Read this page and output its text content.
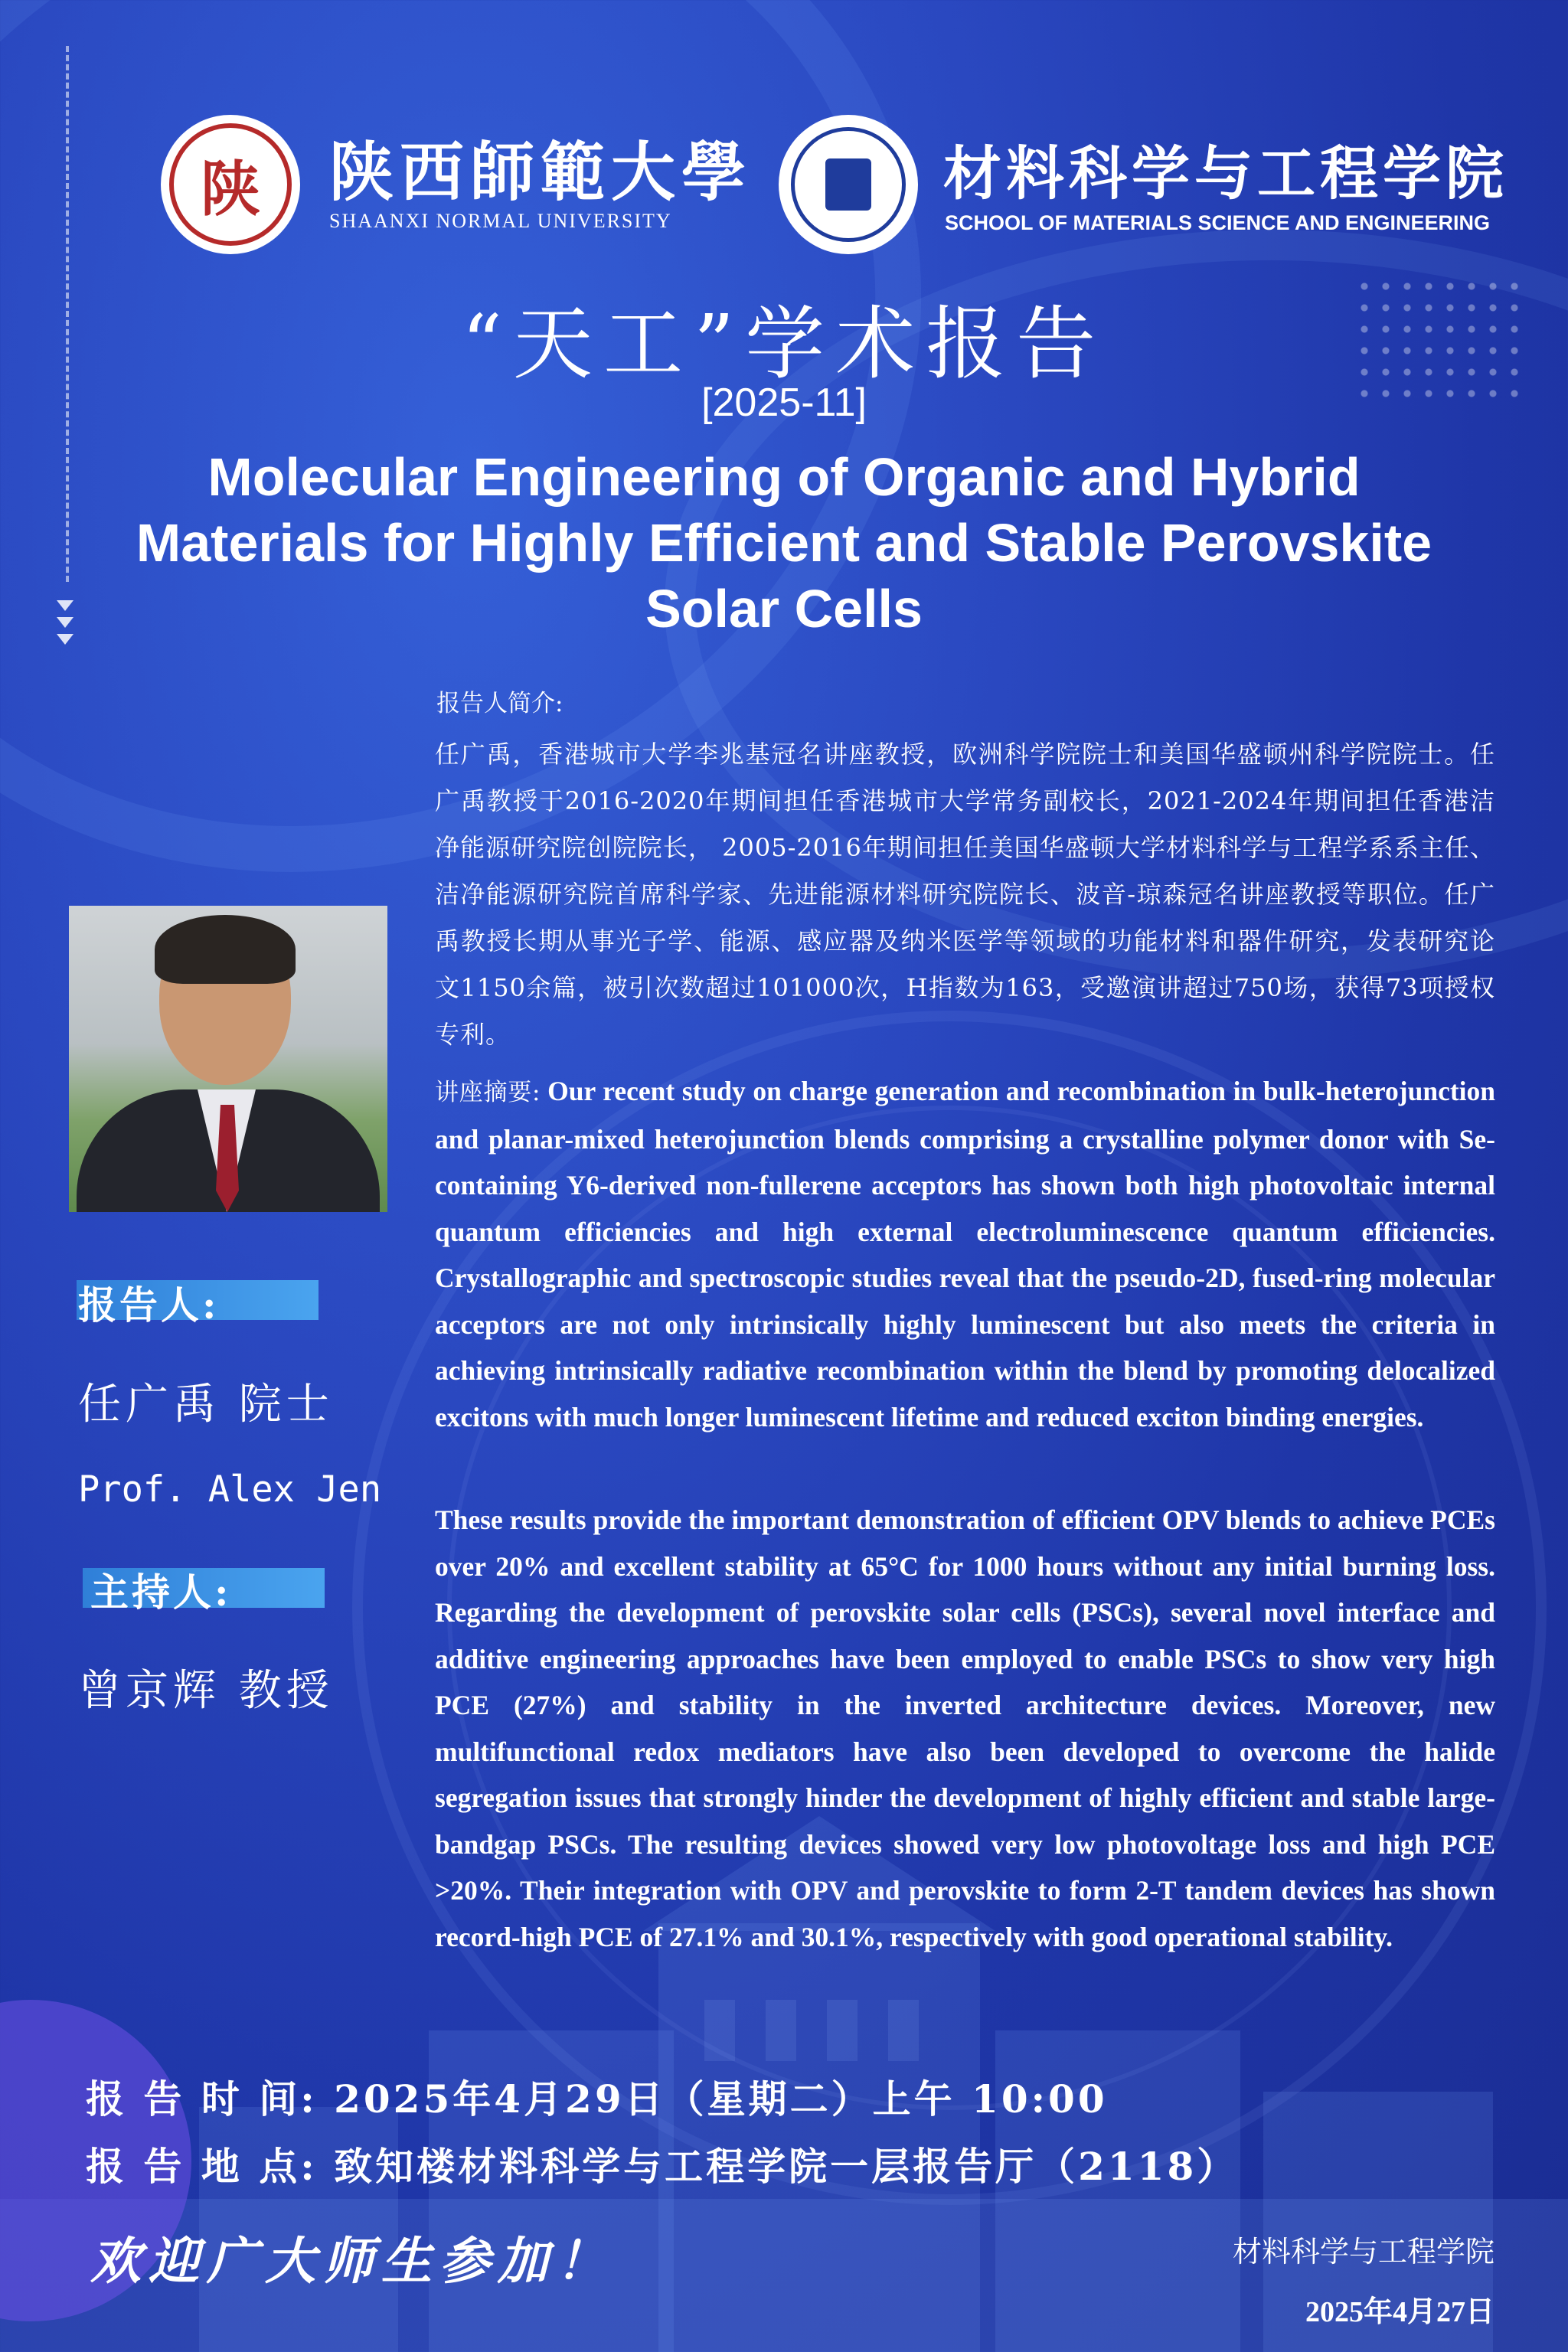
陕 陕西師範大學
SHAANXI NORMAL UNIVERSITY
材料科学与工程学院
SCHOOL OF MATERIALS SCIENCE AND ENGINEERING
“天工”学术报告
[2025-11]
Molecular Engineering of Organic and Hybrid Materials for Highly Efficient and Stable Perovskite Solar Cells
报告人简介:

任广禹，香港城市大学李兆基冠名讲座教授，欧洲科学院院士和美国华盛顿州科学院院士。任广禹教授于2016-2020年期间担任香港城市大学常务副校长，2021-2024年期间担任香港洁净能源研究院创院院长， 2005-2016年期间担任美国华盛顿大学材料科学与工程学系系主任、洁净能源研究院首席科学家、先进能源材料研究院院长、波音-琼森冠名讲座教授等职位。任广禹教授长期从事光子学、能源、感应器及纳米医学等领域的功能材料和器件研究，发表研究论文1150余篇，被引次数超过101000次，H指数为163，受邀演讲超过750场，获得73项授权专利。

讲座摘要: Our recent study on charge generation and recombination in bulk-heterojunction and planar-mixed heterojunction blends comprising a crystalline polymer donor with Se-containing Y6-derived non-fullerene acceptors has shown both high photovoltaic internal quantum efficiencies and high external electroluminescence quantum efficiencies. Crystallographic and spectroscopic studies reveal that the pseudo-2D, fused-ring molecular acceptors are not only intrinsically highly luminescent but also meets the criteria in achieving intrinsically radiative recombination within the blend by promoting delocalized excitons with much longer luminescent lifetime and reduced exciton binding energies.

These results provide the important demonstration of efficient OPV blends to achieve PCEs over 20% and excellent stability at 65°C for 1000 hours without any initial burning loss. Regarding the development of perovskite solar cells (PSCs), several novel interface and additive engineering approaches have been employed to enable PSCs to show very high PCE (27%) and stability in the inverted architecture devices. Moreover, new multifunctional redox mediators have also been developed to overcome the halide segregation issues that strongly hinder the development of highly efficient and stable large-bandgap PSCs. The resulting devices showed very low photovoltage loss and high PCE >20%. Their integration with OPV and perovskite to form 2-T tandem devices has shown record-high PCE of 27.1% and 30.1%, respectively with good operational stability.

报告人:
任广禹 院士
Prof. Alex Jen
主持人:
曾京辉 教授
报 告 时 间: 2025年4月29日（星期二）上午 10:00
报 告 地 点: 致知楼材料科学与工程学院一层报告厅（2118）
欢迎广大师生参加！	材料科学与工程学院
2025年4月27日
